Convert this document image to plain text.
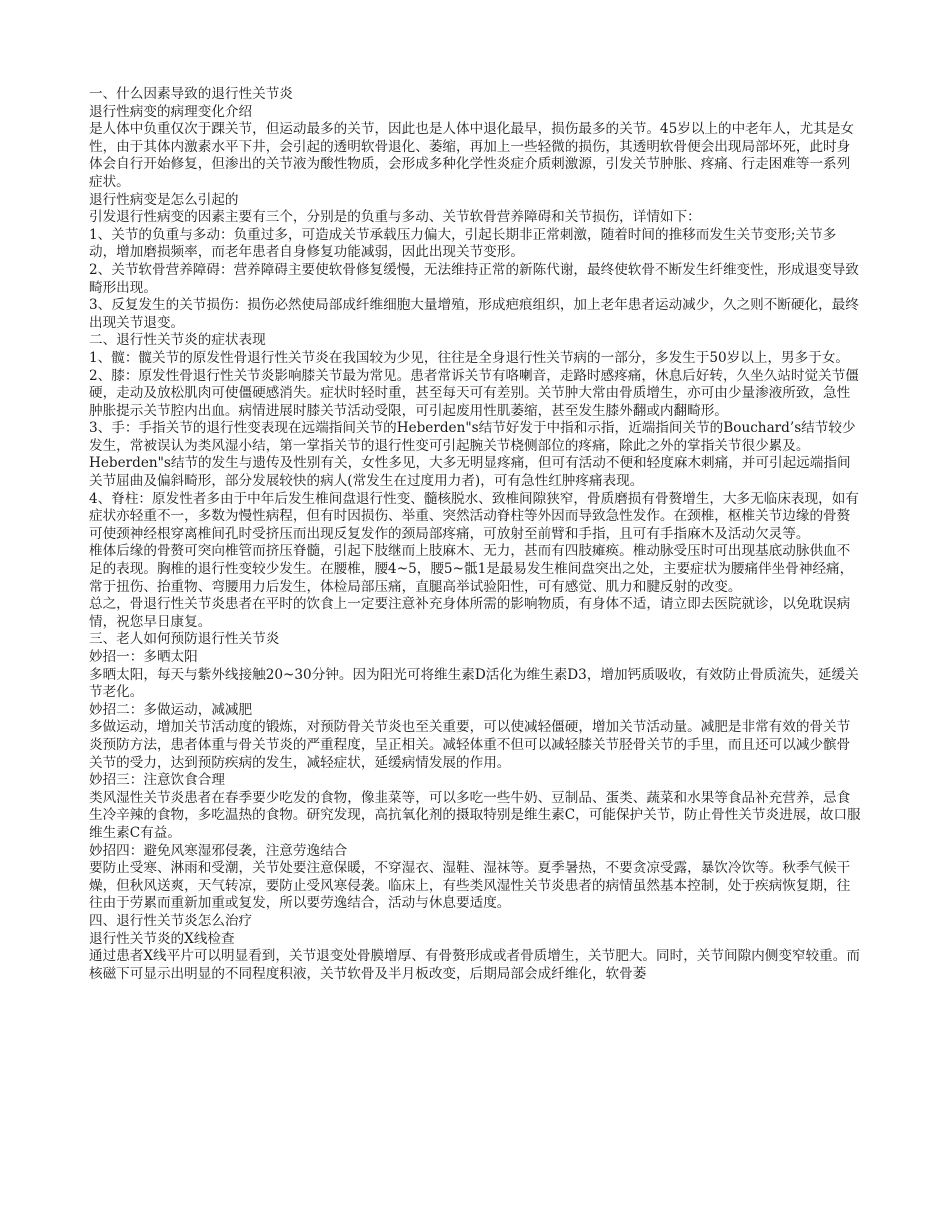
一、什么因素导致的退行性关节炎

退行性病变的病理变化介绍

是人体中负重仅次于踝关节，但运动最多的关节，因此也是人体中退化最早，损伤最多的关节。45岁以上的中老年人，尤其是女性，由于其体内激素水平下井，会引起的透明软骨退化、萎缩，再加上一些轻微的损伤，其透明软骨便会出现局部坏死，此时身体会自行开始修复，但渗出的关节液为酸性物质，会形成多种化学性炎症介质刺激源，引发关节肿胀、疼痛、行走困难等一系列症状。

退行性病变是怎么引起的

引发退行性病变的因素主要有三个，分别是的负重与多动、关节软骨营养障碍和关节损伤，详情如下：

1、关节的负重与多动：负重过多，可造成关节承载压力偏大，引起长期非正常刺激，随着时间的推移而发生关节变形;关节多动，增加磨损频率，而老年患者自身修复功能减弱，因此出现关节变形。

2、关节软骨营养障碍：营养障碍主要使软骨修复缓慢，无法维持正常的新陈代谢，最终使软骨不断发生纤维变性，形成退变导致畸形出现。

3、反复发生的关节损伤：损伤必然使局部成纤维细胞大量增殖，形成疤痕组织，加上老年患者运动减少，久之则不断硬化，最终出现关节退变。

二、退行性关节炎的症状表现

1、髋：髋关节的原发性骨退行性关节炎在我国较为少见，往往是全身退行性关节病的一部分，多发生于50岁以上，男多于女。

2、膝：原发性骨退行性关节炎影响膝关节最为常见。患者常诉关节有咯喇音，走路时感疼痛，休息后好转，久坐久站时觉关节僵硬，走动及放松肌肉可使僵硬感消失。症状时轻时重，甚至每天可有差别。关节肿大常由骨质增生，亦可由少量渗液所致，急性肿胀提示关节腔内出血。病情进展时膝关节活动受限，可引起废用性肌萎缩，甚至发生膝外翻或内翻畸形。

3、手：手指关节的退行性变表现在远端指间关节的Heberden"s结节好发于中指和示指，近端指间关节的Bouchard’s结节较少发生，常被误认为类风湿小结，第一掌指关节的退行性变可引起腕关节桡侧部位的疼痛，除此之外的掌指关节很少累及。Heberden"s结节的发生与遗传及性别有关，女性多见，大多无明显疼痛，但可有活动不便和轻度麻木刺痛，并可引起远端指间关节屈曲及偏斜畸形，部分发展较快的病人(常发生在过度用力者)，可有急性红肿疼痛表现。

4、脊柱：原发性者多由于中年后发生椎间盘退行性变、髓核脱水、致椎间隙狭窄，骨质磨损有骨赘增生，大多无临床表现，如有症状亦轻重不一，多数为慢性病程，但有时因损伤、举重、突然活动脊柱等外因而导致急性发作。在颈椎，枢椎关节边缘的骨赘可使颈神经根穿离椎间孔时受挤压而出现反复发作的颈局部疼痛，可放射至前臂和手指，且可有手指麻木及活动欠灵等。

椎体后缘的骨赘可突向椎管而挤压脊髓，引起下肢继而上肢麻木、无力，甚而有四肢瘫痪。椎动脉受压时可出现基底动脉供血不足的表现。胸椎的退行性变较少发生。在腰椎，腰4~5，腰5~骶1是最易发生椎间盘突出之处，主要症状为腰痛伴坐骨神经痛，常于扭伤、抬重物、弯腰用力后发生，体检局部压痛，直腿高举试验阳性，可有感觉、肌力和腱反射的改变。

总之，骨退行性关节炎患者在平时的饮食上一定要注意补充身体所需的影响物质，有身体不适，请立即去医院就诊，以免耽误病情，祝您早日康复。

三、老人如何预防退行性关节炎

妙招一：多晒太阳

多晒太阳，每天与紫外线接触20~30分钟。因为阳光可将维生素D活化为维生素D3，增加钙质吸收，有效防止骨质流失，延缓关节老化。

妙招二：多做运动，减减肥

多做运动，增加关节活动度的锻炼，对预防骨关节炎也至关重要，可以使减轻僵硬，增加关节活动量。减肥是非常有效的骨关节炎预防方法，患者体重与骨关节炎的严重程度，呈正相关。减轻体重不但可以减轻膝关节胫骨关节的手里，而且还可以减少髌骨关节的受力，达到预防疾病的发生，减轻症状，延缓病情发展的作用。

妙招三：注意饮食合理

类风湿性关节炎患者在春季要少吃发的食物，像韭菜等，可以多吃一些牛奶、豆制品、蛋类、蔬菜和水果等食品补充营养，忌食生冷辛辣的食物，多吃温热的食物。研究发现，高抗氧化剂的摄取特别是维生素C，可能保护关节，防止骨性关节炎进展，故口服维生素C有益。

妙招四：避免风寒湿邪侵袭，注意劳逸结合

要防止受寒、淋雨和受潮，关节处要注意保暖，不穿湿衣、湿鞋、湿袜等。夏季暑热，不要贪凉受露，暴饮冷饮等。秋季气候干燥，但秋风送爽，天气转凉，要防止受风寒侵袭。临床上，有些类风湿性关节炎患者的病情虽然基本控制，处于疾病恢复期，往往由于劳累而重新加重或复发，所以要劳逸结合，活动与休息要适度。

四、退行性关节炎怎么治疗

退行性关节炎的X线检查

通过患者X线平片可以明显看到，关节退变处骨膜增厚、有骨赘形成或者骨质增生，关节肥大。同时，关节间隙内侧变窄较重。而核磁下可显示出明显的不同程度积液，关节软骨及半月板改变，后期局部会成纤维化，软骨萎
